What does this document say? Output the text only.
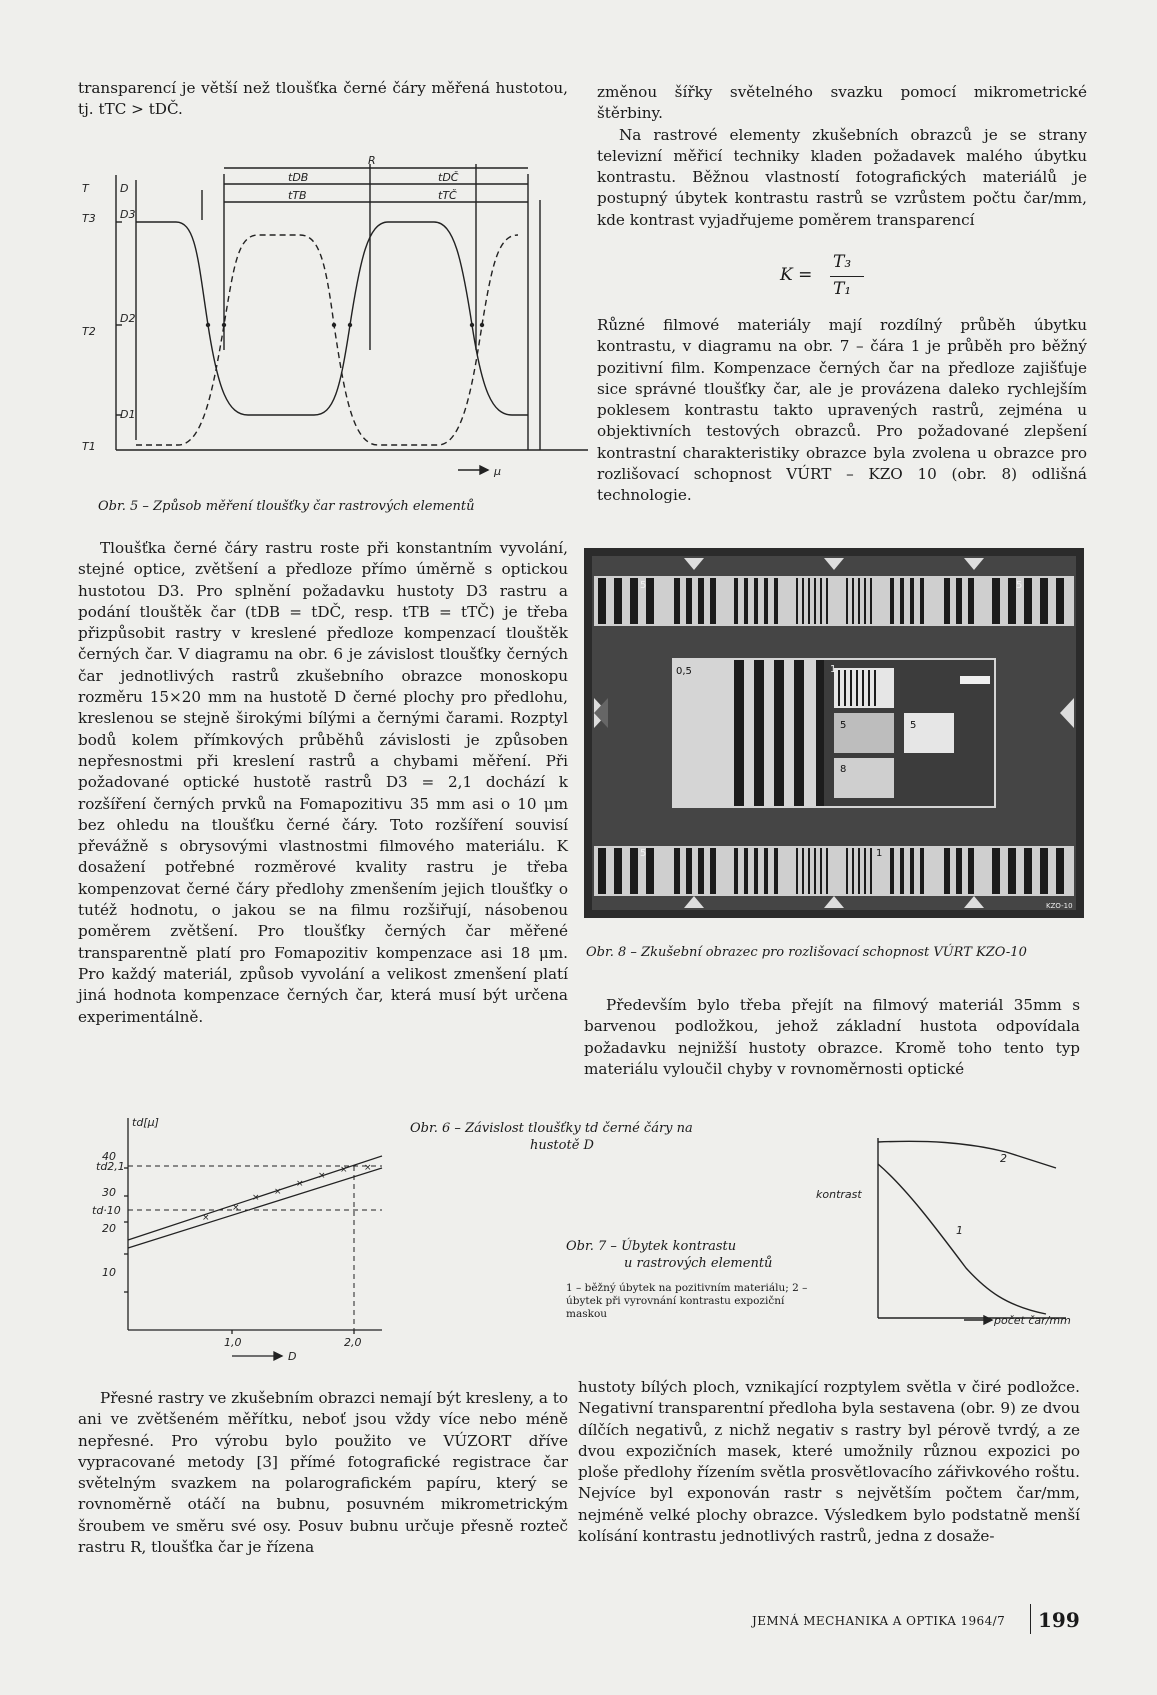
transparencí je větší než tloušťka černé čáry měřená hustotou, tj. tTC > tDČ.

změnou šířky světelného svazku pomocí mikrometrické štěrbiny.

Na rastrové elementy zkušebních obrazců je se strany televizní měřicí techniky kladen požadavek malého úbytku kontrastu. Běžnou vlastností fotografických materiálů je postupný úbytek kontrastu rastrů se vzrůstem počtu čar/mm, kde kontrast vyjadřujeme poměrem transparencí

K =
T₃
T₁

Různé filmové materiály mají rozdílný průběh úbytku kontrastu, v diagramu na obr. 7 – čára 1 je průběh pro běžný pozitivní film. Kompenzace černých čar na předloze zajišťuje sice správné tloušťky čar, ale je provázena daleko rychlejším poklesem kontrastu takto upravených rastrů, zejména u objektivních testových obrazců. Pro požadované zlepšení kontrastní charakteristiky obrazce byla zvolena u obrazce pro rozlišovací schopnost VÚRT – KZO 10 (obr. 8) odlišná technologie.

R
tDB	tDČ
tTB	tTČ
T	D
T3 D3
D2
T2
D1
T1
μ
Obr. 5 – Způsob měření tloušťky čar rastrových elementů

Tloušťka černé čáry rastru roste při konstantním vyvolání, stejné optice, zvětšení a předloze přímo úměrně s optickou hustotou D3. Pro splnění požadavku hustoty D3 rastru a podání tlouštěk čar (tDB = tDČ, resp. tTB = tTČ) je třeba přizpůsobit rastry v kreslené předloze kompenzací tlouštěk černých čar. V diagramu na obr. 6 je závislost tloušťky černých čar jednotlivých rastrů zkušebního obrazce monoskopu rozměru 15×20 mm na hustotě D černé plochy pro předlohu, kreslenou se stejně širokými bílými a černými čarami. Rozptyl bodů kolem přímkových průběhů závislosti je způsoben nepřesnostmi při kreslení rastrů a chybami měření. Při požadované optické hustotě rastrů D3 = 2,1 dochází k rozšíření černých prvků na Fomapozitivu 35 mm asi o 10 μm bez ohledu na tloušťku černé čáry. Toto rozšíření souvisí převážně s obrysovými vlastnostmi filmového materiálu. K dosažení potřebné rozměrové kvality rastru je třeba kompenzovat černé čáry předlohy zmenšením jejich tloušťky o tutéž hodnotu, o jakou se na filmu rozšiřují, násobenou poměrem zvětšení. Pro tloušťky černých čar měřené transparentně platí pro Fomapozitiv kompenzace asi 18 μm. Pro každý materiál, způsob vyvolání a velikost zmenšení platí jiná hodnota kompenzace černých čar, která musí být určena experimentálně.

5
0,5	1
5
8
5
1
5
5
KZO-10
Obr. 8 – Zkušební obrazec pro rozlišovací schopnost VÚRT KZO-10

Především bylo třeba přejít na filmový materiál 35mm s barvenou podložkou, jehož základní hustota odpovídala požadavku nejnižší hustoty obrazce. Kromě toho tento typ materiálu vyloučil chyby v rovnoměrnosti optické

×
×
×
×
×
×
× ×
td[μ]
40
td2,1
30
td·10
20
10
1,0	2,0
D
Obr. 6 – Závislost tloušťky td černé čáry na
hustotě D
Obr. 7 – Úbytek kontrastu
u rastrových elementů
1 – běžný úbytek na pozitivním materiálu; 2 – úbytek při vyrovnání kontrastu expoziční maskou
kontrast
počet čar/mm
1
2

Přesné rastry ve zkušebním obrazci nemají být kresleny, a to ani ve zvětšeném měřítku, neboť jsou vždy více nebo méně nepřesné. Pro výrobu bylo použito ve VÚZORT dříve vypracované metody [3] přímé fotografické registrace čar světelným svazkem na polarografickém papíru, který se rovnoměrně otáčí na bubnu, posuvném mikrometrickým šroubem ve směru své osy. Posuv bubnu určuje přesně rozteč rastru R, tloušťka čar je řízena

hustoty bílých ploch, vznikající rozptylem světla v čiré podložce. Negativní transparentní předloha byla sestavena (obr. 9) ze dvou dílčích negativů, z nichž negativ s rastry byl pérově tvrdý, a ze dvou expozičních masek, které umožnily různou expozici po ploše předlohy řízením světla prosvětlovacího zářivkového roštu. Nejvíce byl exponován rastr s největším počtem čar/mm, nejméně velké plochy obrazce. Výsledkem bylo podstatně menší kolísání kontrastu jednotlivých rastrů, jedna z dosaže-

JEMNÁ MECHANIKA A OPTIKA 1964/7 199
